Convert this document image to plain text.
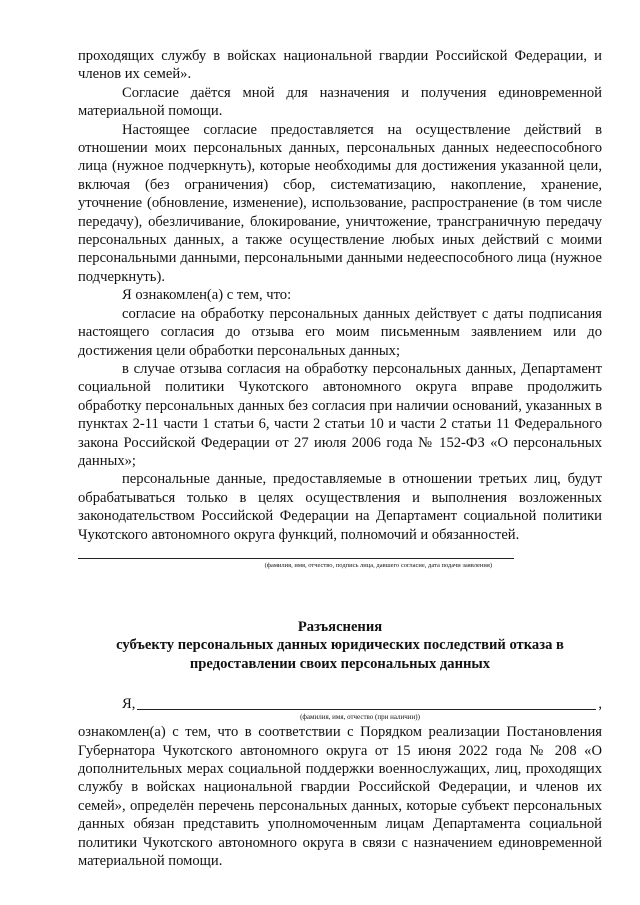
проходящих службу в войсках национальной гвардии Российской Федерации, и членов их семей».

Согласие даётся мной для назначения и получения единовременной материальной помощи.

Настоящее согласие предоставляется на осуществление действий в отношении моих персональных данных, персональных данных недееспособного лица (нужное подчеркнуть), которые необходимы для достижения указанной цели, включая (без ограничения) сбор, систематизацию, накопление, хранение, уточнение (обновление, изменение), использование, распространение (в том числе передачу), обезличивание, блокирование, уничтожение, трансграничную передачу персональных данных, а также осуществление любых иных действий с моими персональными данными, персональными данными недееспособного лица (нужное подчеркнуть).

Я ознакомлен(а) с тем, что:

согласие на обработку персональных данных действует с даты подписания настоящего согласия до отзыва его моим письменным заявлением или до достижения цели обработки персональных данных;

в случае отзыва согласия на обработку персональных данных, Департамент социальной политики Чукотского автономного округа вправе продолжить обработку персональных данных без согласия при наличии оснований, указанных в пунктах 2-11 части 1 статьи 6, части 2 статьи 10 и части 2 статьи 11 Федерального закона Российской Федерации от 27 июля 2006 года № 152-ФЗ «О персональных данных»;

персональные данные, предоставляемые в отношении третьих лиц, будут обрабатываться только в целях осуществления и выполнения возложенных законодательством Российской Федерации на Департамент социальной политики Чукотского автономного округа функций, полномочий и обязанностей.

(фамилия, имя, отчество, подпись лица, давшего согласие, дата подачи заявления)

Разъяснения
субъекту персональных данных юридических последствий отказа в
предоставлении своих персональных данных
Я,	,

(фамилия, имя, отчество (при наличии))

ознакомлен(а) с тем, что в соответствии с Порядком реализации Постановления Губернатора Чукотского автономного округа от 15 июня 2022 года № 208 «О дополнительных мерах социальной поддержки военнослужащих, лиц, проходящих службу в войсках национальной гвардии Российской Федерации, и членов их семей», определён перечень персональных данных, которые субъект персональных данных обязан представить уполномоченным лицам Департамента социальной политики Чукотского автономного округа в связи с назначением единовременной материальной помощи.
